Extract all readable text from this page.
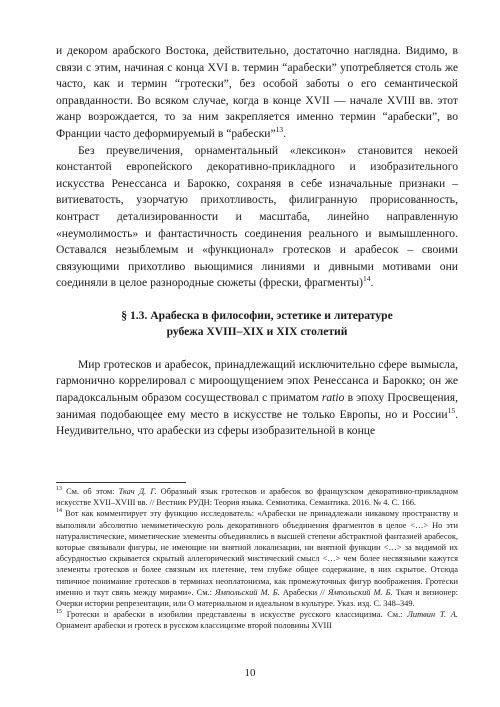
и декором арабского Востока, действительно, достаточно наглядна. Видимо, в связи с этим, начиная с конца XVI в. термин “арабески” употребляется столь же часто, как и термин “гротески”, без особой заботы о его семантической оправданности. Во всяком случае, когда в конце XVII — начале XVIII вв. этот жанр возрождается, то за ним закрепляется именно термин “арабески”, во Франции часто деформируемый в “рабески”$^{13}$.

Без преувеличения, орнаментальный «лексикон» становится некоей константой европейского декоративно-прикладного и изобразительного искусства Ренессанса и Барокко, сохраняя в себе изначальные признаки – витиеватость, узорчатую прихотливость, филигранную прорисованность, контраст детализированности и масштаба, линейно направленную «неумолимость» и фантастичность соединения реального и вымышленного. Оставался незыблемым и «функционал» гротесков и арабесок – своими связующими прихотливо вьющимися линиями и дивными мотивами они соединяли в целое разнородные сюжеты (фрески, фрагменты)$^{14}$.

§ 1.3. Арабеска в философии, эстетике и литературе
рубежа XVIII–XIX и XIX столетий

Мир гротесков и арабесок, принадлежащий исключительно сфере вымысла, гармонично коррелировал с мироощущением эпох Ренессанса и Барокко; он же парадоксальным образом сосуществовал с приматом ratio в эпоху Просвещения, занимая подобающее ему место в искусстве не только Европы, но и России$^{15}$. Неудивительно, что арабески из сферы изобразительной в конце

$^{13}$ См. об этом: Ткач Д. Г. Образный язык гротесков и арабесок во французском декоративно-прикладном искусстве XVII–XVIII вв. // Вестник РУДН: Теория языка. Семиотика. Семантика. 2016. № 4. С. 166.

$^{14}$ Вот как комментирует эту функцию исследователь: «Арабески не принадлежали никакому пространству и выполняли абсолютно немиметическую роль декоративного объединения фрагментов в целое <…> Но эти натуралистические, миметические элементы объединялись в высшей степени абстрактной фантазией арабесок, которые связывали фигуры, не имеющие ни внятной локализации, ни внятной функции <…> за видимой их абсурдностью скрывается скрытый аллегорический мистический смысл <…> чем более несвязными кажутся элементы гротесков и более связным их плетение, тем глубже общее содержание, в них скрытое. Отсюда типичное понимание гротесков в терминах неоплатонизма, как промежуточных фигур воображения. Гротески именно и ткут связь между мирами». См.: Ямпольский М. Б. Арабески // Ямпольский М. Б. Ткач и визионер: Очерки истории репрезентации, или О материальном и идеальном в культуре. Указ. изд. С. 348–349.

$^{15}$ Гротески и арабески в изобилии представлены в искусстве русского классицизма. См.: Литвин Т. А. Орнамент арабески и гротеск в русском классицизме второй половины XVIII

10
